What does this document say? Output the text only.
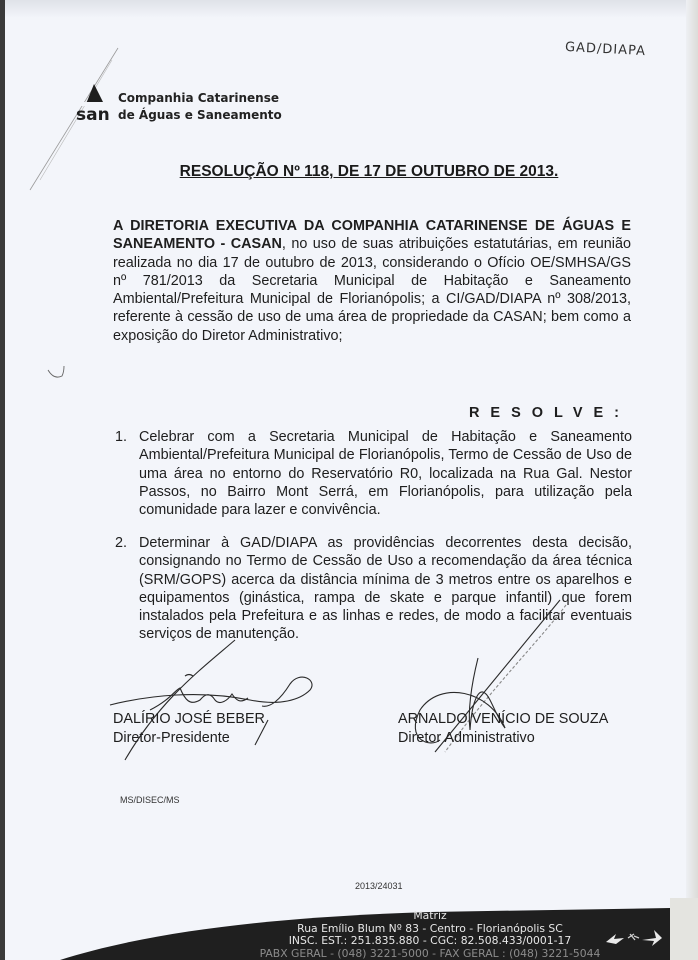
GAD/DIAPA
san
Companhia Catarinense
de Águas e Saneamento
RESOLUÇÃO Nº 118, DE 17 DE OUTUBRO DE 2013.
A DIRETORIA EXECUTIVA DA COMPANHIA CATARINENSE DE ÁGUAS E SANEAMENTO - CASAN, no uso de suas atribuições estatutárias, em reunião realizada no dia 17 de outubro de 2013, considerando o Ofício OE/SMHSA/GS nº 781/2013 da Secretaria Municipal de Habitação e Saneamento Ambiental/Prefeitura Municipal de Florianópolis; a CI/GAD/DIAPA nº 308/2013, referente à cessão de uso de uma área de propriedade da CASAN; bem como a exposição do Diretor Administrativo;
RESOLVE:
1. Celebrar com a Secretaria Municipal de Habitação e Saneamento Ambiental/Prefeitura Municipal de Florianópolis, Termo de Cessão de Uso de uma área no entorno do Reservatório R0, localizada na Rua Gal. Nestor Passos, no Bairro Mont Serrá, em Florianópolis, para utilização pela comunidade para lazer e convivência.
2. Determinar à GAD/DIAPA as providências decorrentes desta decisão, consignando no Termo de Cessão de Uso a recomendação da área técnica (SRM/GOPS) acerca da distância mínima de 3 metros entre os aparelhos e equipamentos (ginástica, rampa de skate e parque infantil) que forem instalados pela Prefeitura e as linhas e redes, de modo a facilitar eventuais serviços de manutenção.
DALÍRIO JOSÉ BEBER
Diretor-Presidente
ARNALDO VENÍCIO DE SOUZA
Diretor Administrativo
MS/DISEC/MS
2013/24031
Matriz
Rua Emílio Blum Nº 83 - Centro - Florianópolis SC
INSC. EST.: 251.835.880 - CGC: 82.508.433/0001-17
PABX GERAL - (048) 3221-5000 - FAX GERAL : (048) 3221-5044
